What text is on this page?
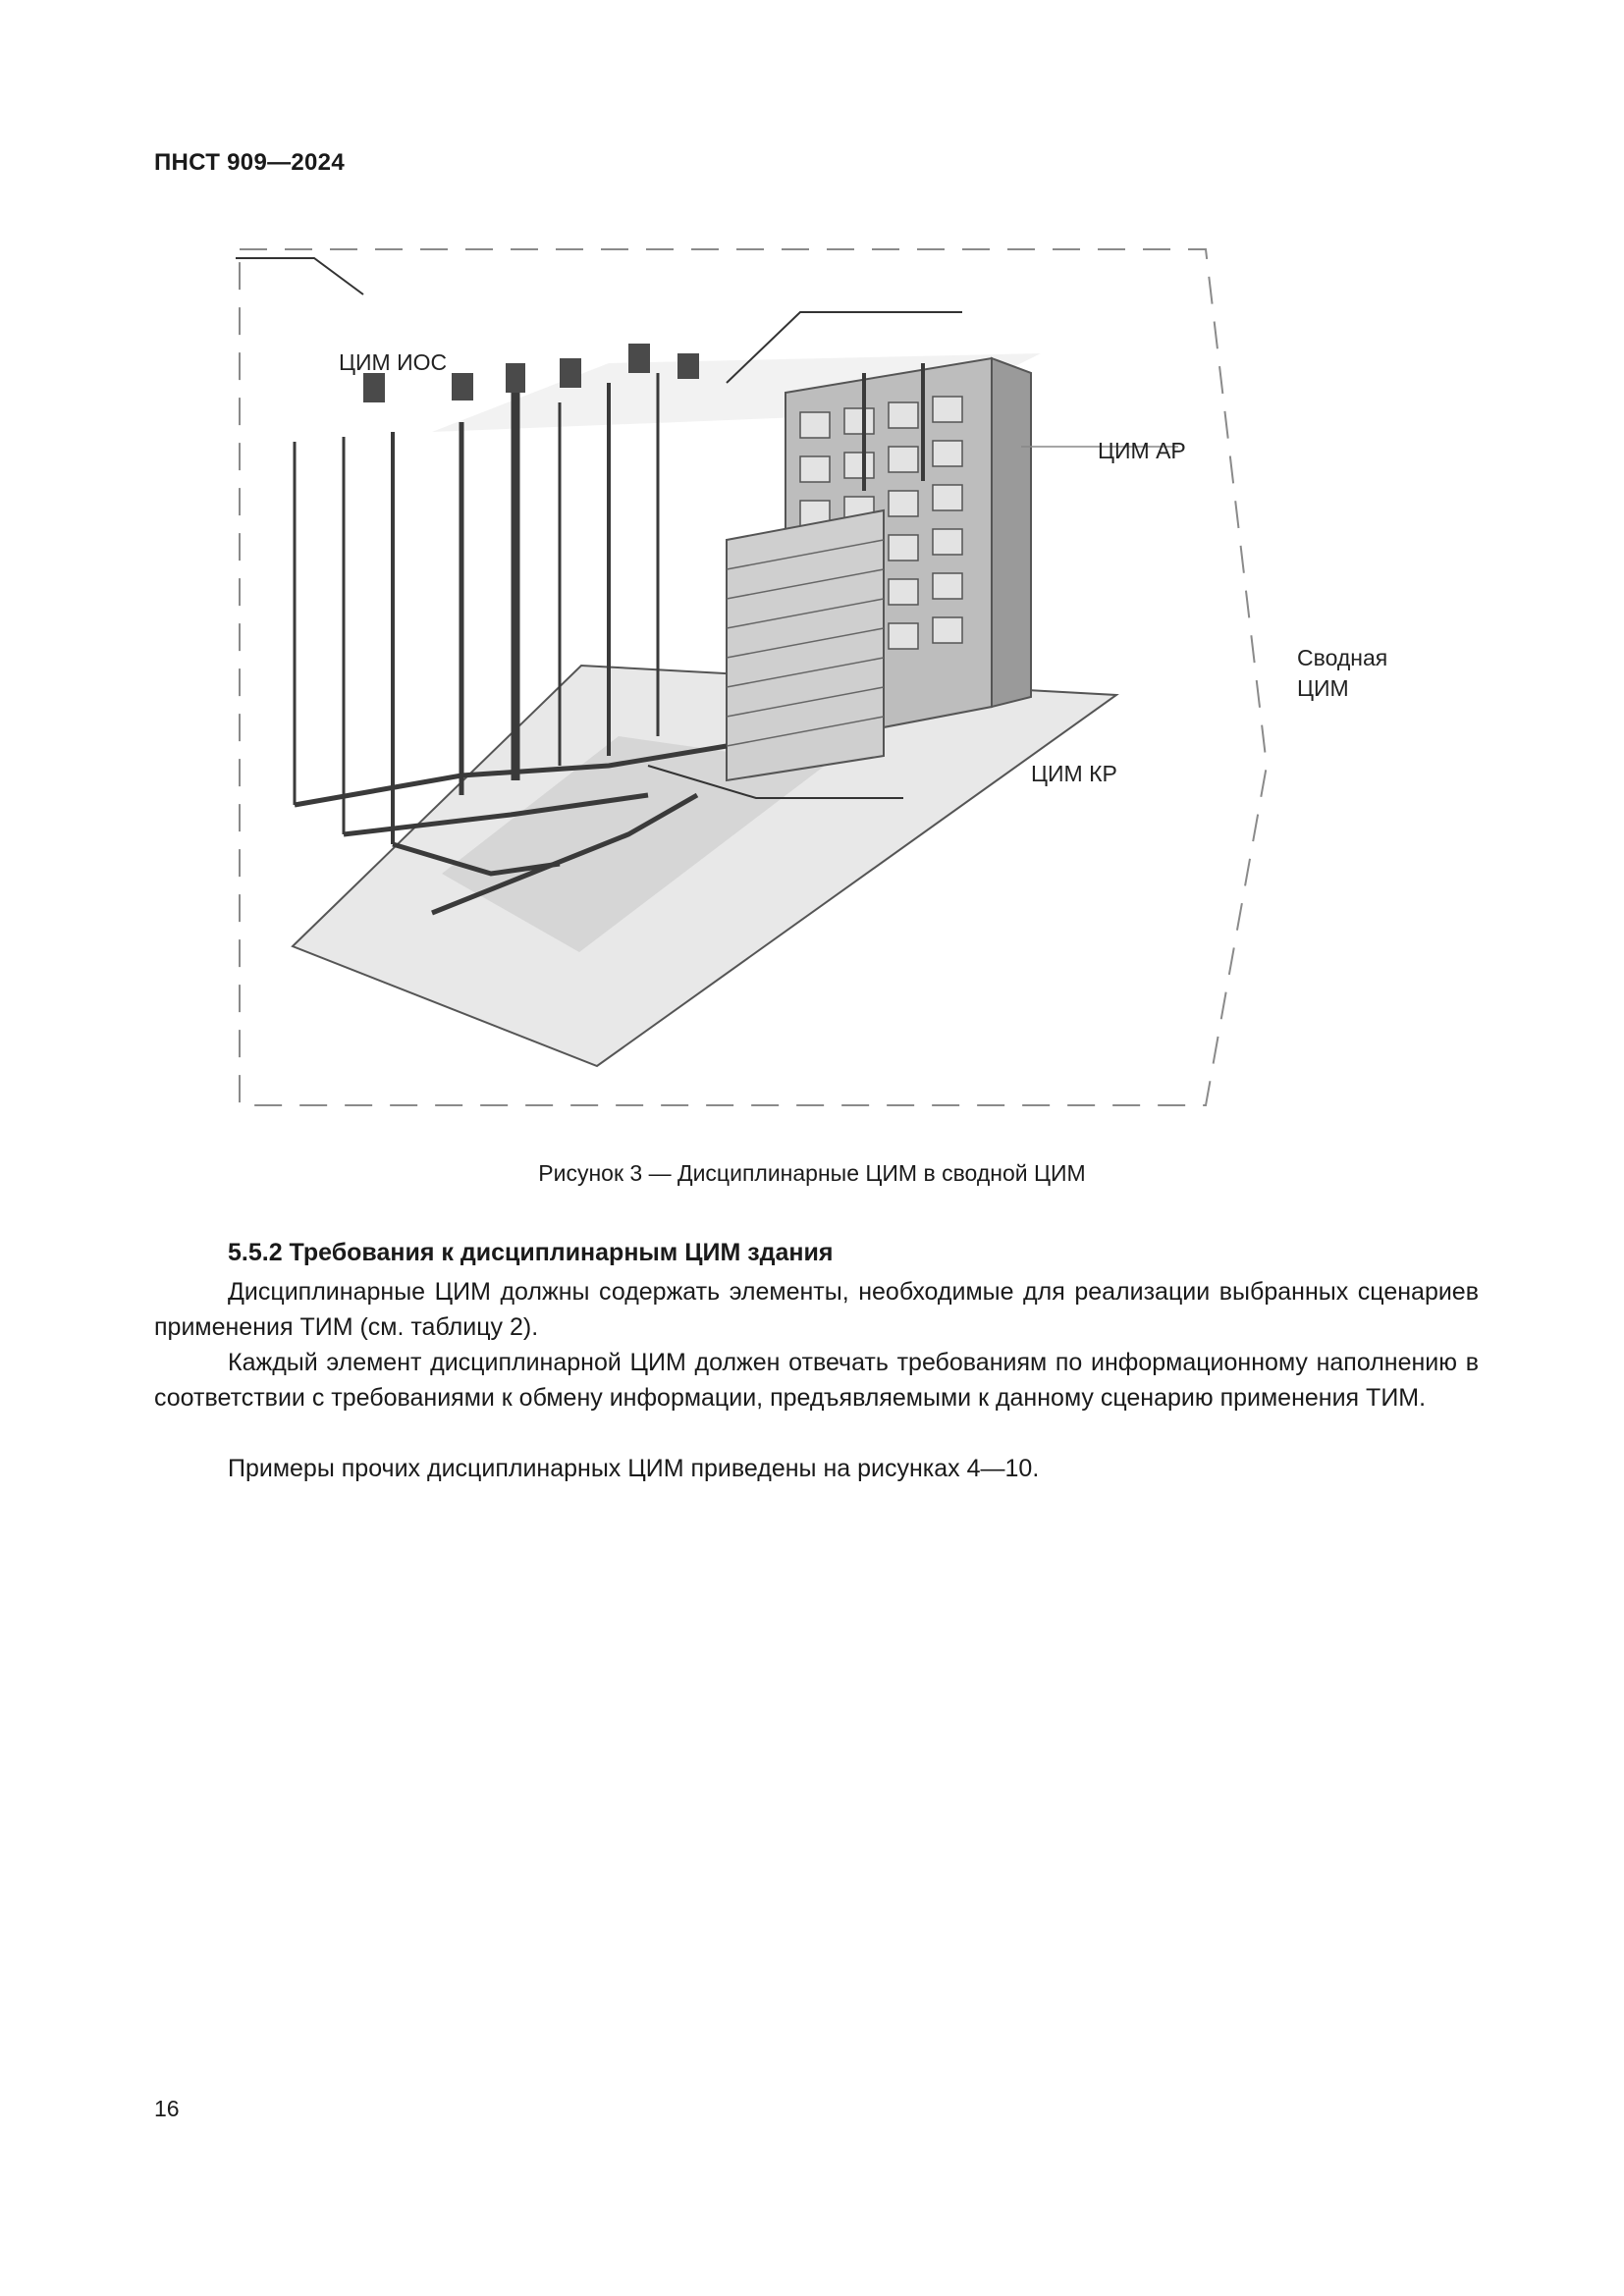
ПНСТ 909—2024
ЦИМ ИОС
ЦИМ АР
Сводная
ЦИМ
ЦИМ КР
Рисунок 3 — Дисциплинарные ЦИМ в сводной ЦИМ
5.5.2 Требования к дисциплинарным ЦИМ здания

Дисциплинарные ЦИМ должны содержать элементы, необходимые для реализации выбранных сценариев применения ТИМ (см. таблицу 2).

Каждый элемент дисциплинарной ЦИМ должен отвечать требованиям по информационному наполнению в соответствии с требованиями к обмену информации, предъявляемыми к данному сценарию применения ТИМ.

Примеры прочих дисциплинарных ЦИМ приведены на рисунках 4—10.

16
